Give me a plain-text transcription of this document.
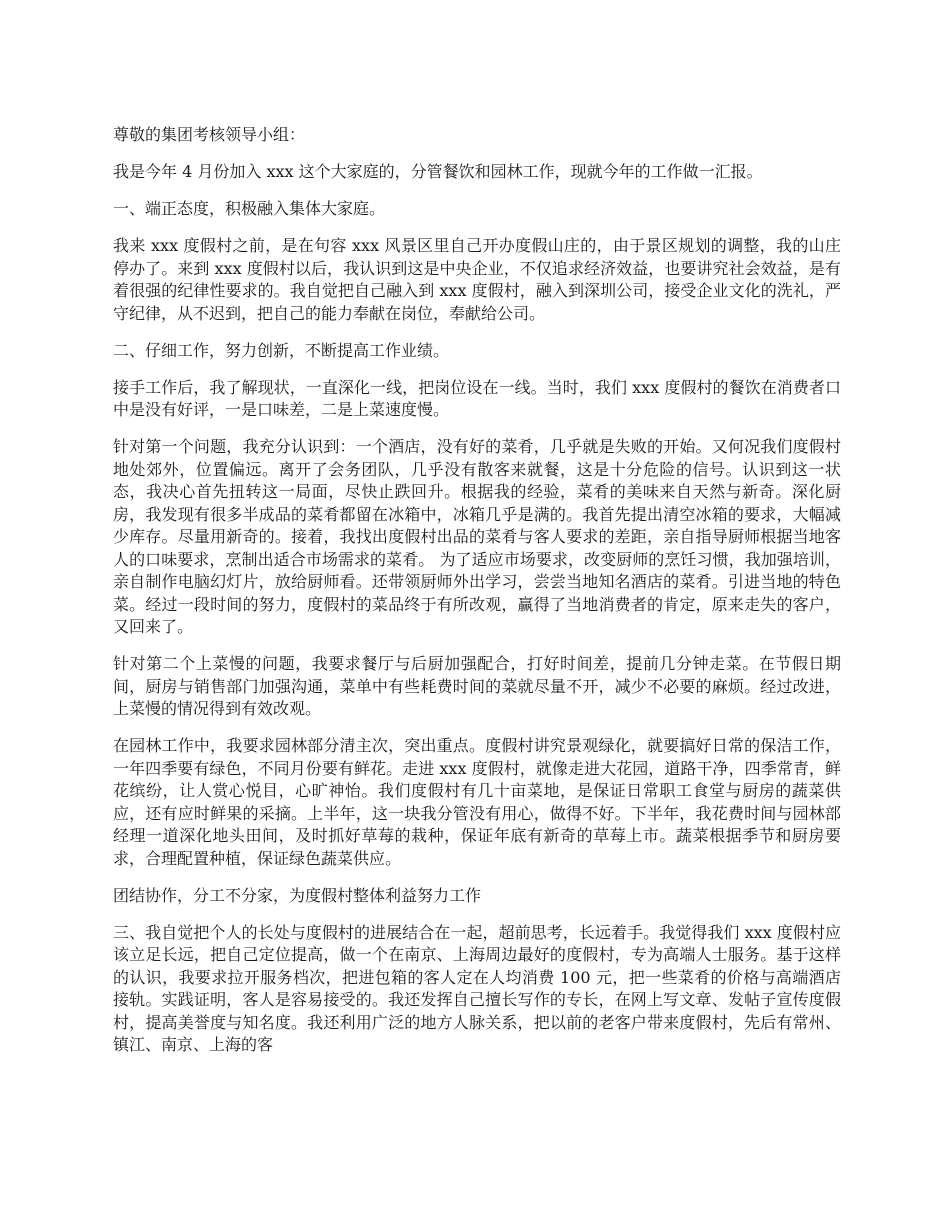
尊敬的集团考核领导小组：

我是今年 4 月份加入 xxx 这个大家庭的，分管餐饮和园林工作，现就今年的工作做一汇报。

一、端正态度，积极融入集体大家庭。

我来 xxx 度假村之前，是在句容 xxx 风景区里自己开办度假山庄的，由于景区规划的调整，我的山庄停办了。来到 xxx 度假村以后，我认识到这是中央企业，不仅追求经济效益，也要讲究社会效益，是有着很强的纪律性要求的。我自觉把自己融入到 xxx 度假村，融入到深圳公司，接受企业文化的洗礼，严守纪律，从不迟到，把自己的能力奉献在岗位，奉献给公司。

二、仔细工作，努力创新，不断提高工作业绩。

接手工作后，我了解现状，一直深化一线，把岗位设在一线。当时，我们 xxx 度假村的餐饮在消费者口中是没有好评，一是口味差，二是上菜速度慢。

针对第一个问题，我充分认识到：一个酒店，没有好的菜肴，几乎就是失败的开始。又何况我们度假村地处郊外，位置偏远。离开了会务团队，几乎没有散客来就餐，这是十分危险的信号。认识到这一状态，我决心首先扭转这一局面，尽快止跌回升。根据我的经验，菜肴的美味来自天然与新奇。深化厨房，我发现有很多半成品的菜肴都留在冰箱中，冰箱几乎是满的。我首先提出清空冰箱的要求，大幅减少库存。尽量用新奇的。接着，我找出度假村出品的菜肴与客人要求的差距，亲自指导厨师根据当地客人的口味要求，烹制出适合市场需求的菜肴。 为了适应市场要求，改变厨师的烹饪习惯，我加强培训，亲自制作电脑幻灯片，放给厨师看。还带领厨师外出学习，尝尝当地知名酒店的菜肴。引进当地的特色菜。经过一段时间的努力，度假村的菜品终于有所改观，赢得了当地消费者的肯定，原来走失的客户，又回来了。

针对第二个上菜慢的问题，我要求餐厅与后厨加强配合，打好时间差，提前几分钟走菜。在节假日期间，厨房与销售部门加强沟通，菜单中有些耗费时间的菜就尽量不开，减少不必要的麻烦。经过改进，上菜慢的情况得到有效改观。

在园林工作中，我要求园林部分清主次，突出重点。度假村讲究景观绿化，就要搞好日常的保洁工作，一年四季要有绿色，不同月份要有鲜花。走进 xxx 度假村，就像走进大花园，道路干净，四季常青，鲜花缤纷，让人赏心悦目，心旷神怡。我们度假村有几十亩菜地，是保证日常职工食堂与厨房的蔬菜供应，还有应时鲜果的采摘。上半年，这一块我分管没有用心，做得不好。下半年，我花费时间与园林部经理一道深化地头田间，及时抓好草莓的栽种，保证年底有新奇的草莓上市。蔬菜根据季节和厨房要求，合理配置种植，保证绿色蔬菜供应。

团结协作，分工不分家，为度假村整体利益努力工作

三、我自觉把个人的长处与度假村的进展结合在一起，超前思考，长远着手。我觉得我们 xxx 度假村应该立足长远，把自己定位提高，做一个在南京、上海周边最好的度假村，专为高端人士服务。基于这样的认识，我要求拉开服务档次，把进包箱的客人定在人均消费 100 元，把一些菜肴的价格与高端酒店接轨。实践证明，客人是容易接受的。我还发挥自己擅长写作的专长，在网上写文章、发帖子宣传度假村，提高美誉度与知名度。我还利用广泛的地方人脉关系，把以前的老客户带来度假村，先后有常州、镇江、南京、上海的客
